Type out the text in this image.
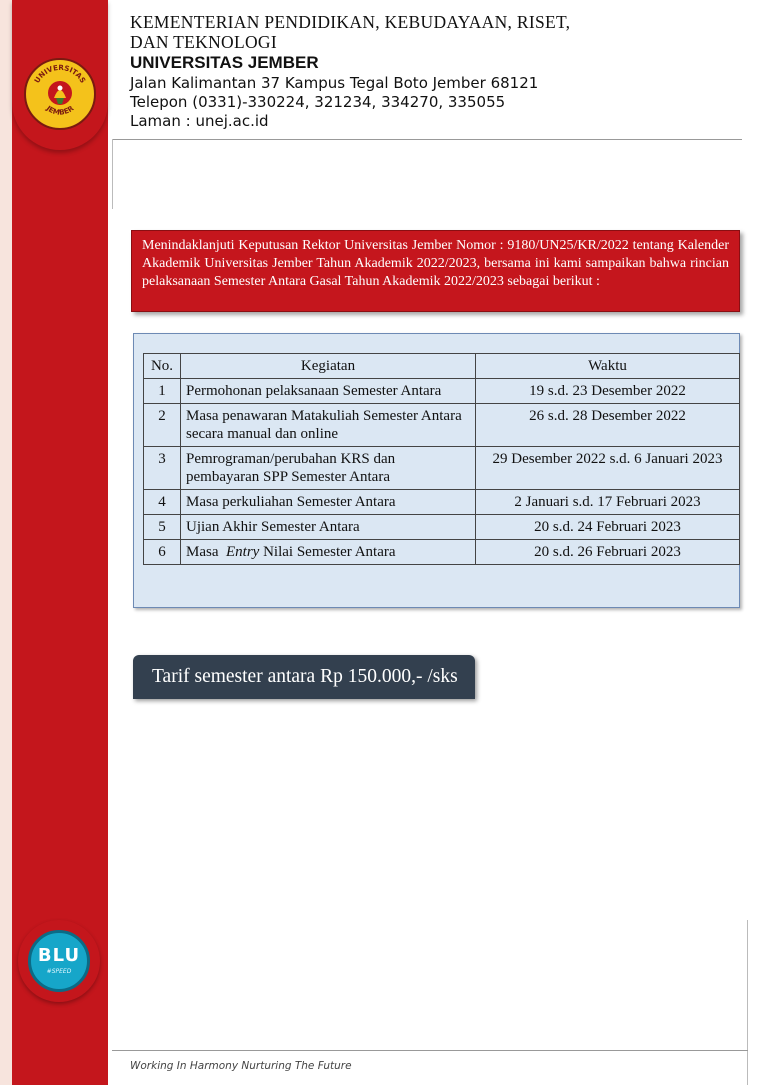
UNIVERSITAS
JEMBER
KEMENTERIAN PENDIDIKAN, KEBUDAYAAN, RISET,
DAN TEKNOLOGI
UNIVERSITAS JEMBER
Jalan Kalimantan 37 Kampus Tegal Boto Jember 68121
Telepon (0331)-330224, 321234, 334270, 335055
Laman : unej.ac.id
Menindaklanjuti Keputusan Rektor Universitas Jember Nomor : 9180/UN25/KR/2022 tentang Kalender Akademik Universitas Jember Tahun Akademik 2022/2023, bersama ini kami sampaikan bahwa rincian pelaksanaan Semester Antara Gasal Tahun Akademik 2022/2023 sebagai berikut :
No.	Kegiatan	Waktu
1	Permohonan pelaksanaan Semester Antara	19 s.d. 23 Desember 2022
2	Masa penawaran Matakuliah Semester Antara secara manual dan online	26 s.d. 28 Desember 2022
3	Pemrograman/perubahan KRS dan pembayaran SPP Semester Antara	29 Desember 2022 s.d. 6 Januari 2023
4	Masa perkuliahan Semester Antara	2 Januari s.d. 17 Februari 2023
5	Ujian Akhir Semester Antara	20 s.d. 24 Februari 2023
6	Masa Entry Nilai Semester Antara	20 s.d. 26 Februari 2023
Tarif semester antara Rp 150.000,- /sks
BLU
#SPEED
Working In Harmony Nurturing The Future
